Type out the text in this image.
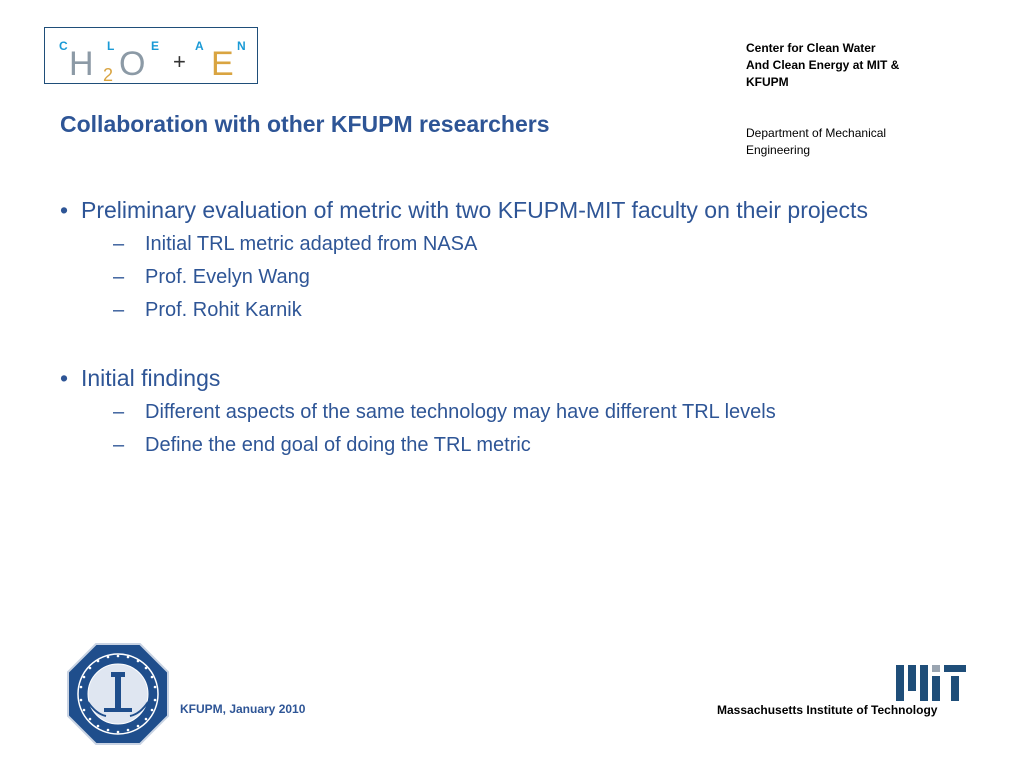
C	L	E	A	N
H 2 O + E	Center for Clean Water
And Clean Energy at MIT &
KFUPM
Department of Mechanical
Engineering
Collaboration with other KFUPM researchers
• Preliminary evaluation of metric with two KFUPM-MIT faculty on their projects
– Initial TRL metric adapted from NASA
– Prof. Evelyn Wang
– Prof. Rohit Karnik
• Initial findings
– Different aspects of the same technology may have different TRL levels
– Define the end goal of doing the TRL metric
KFUPM, January 2010	Massachusetts Institute of Technology
